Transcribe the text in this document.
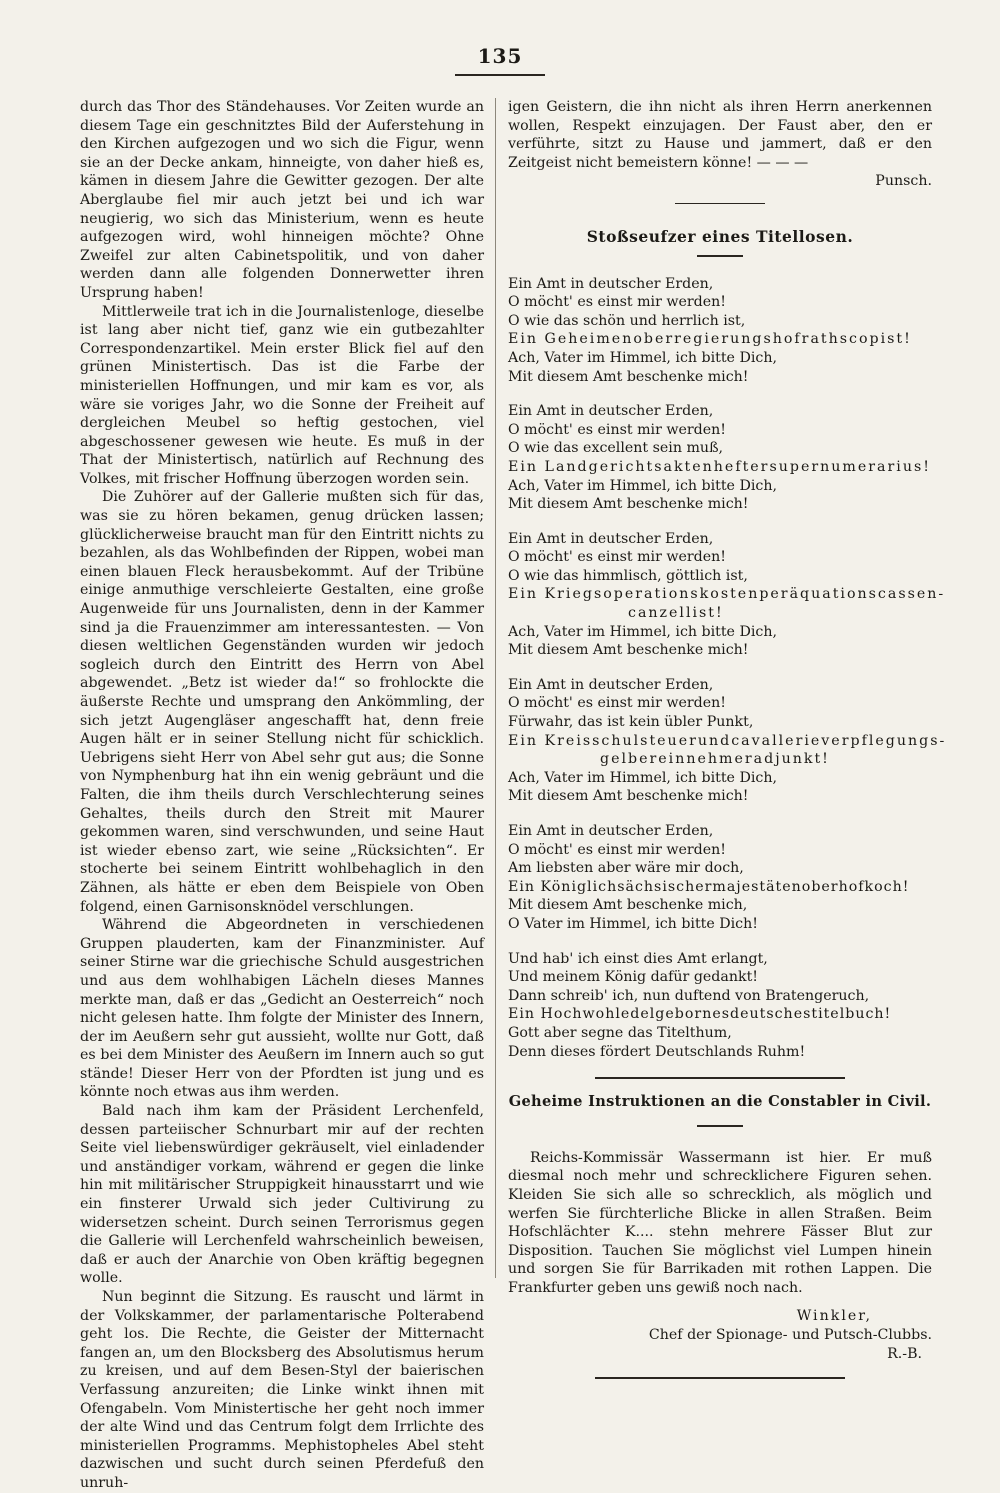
135

durch das Thor des Ständehauses. Vor Zeiten wurde an diesem Tage ein geschnitztes Bild der Auferstehung in den Kirchen aufgezogen und wo sich die Figur, wenn sie an der Decke ankam, hinneigte, von daher hieß es, kämen in diesem Jahre die Gewitter gezogen. Der alte Aberglaube fiel mir auch jetzt bei und ich war neugierig, wo sich das Ministerium, wenn es heute aufgezogen wird, wohl hinneigen möchte? Ohne Zweifel zur alten Cabinetspolitik, und von daher werden dann alle folgenden Donnerwetter ihren Ursprung haben!

Mittlerweile trat ich in die Journalistenloge, dieselbe ist lang aber nicht tief, ganz wie ein gutbezahlter Correspondenzartikel. Mein erster Blick fiel auf den grünen Ministertisch. Das ist die Farbe der ministeriellen Hoffnungen, und mir kam es vor, als wäre sie voriges Jahr, wo die Sonne der Freiheit auf dergleichen Meubel so heftig gestochen, viel abgeschossener gewesen wie heute. Es muß in der That der Ministertisch, natürlich auf Rechnung des Volkes, mit frischer Hoffnung überzogen worden sein.

Die Zuhörer auf der Gallerie mußten sich für das, was sie zu hören bekamen, genug drücken lassen; glücklicherweise braucht man für den Eintritt nichts zu bezahlen, als das Wohlbefinden der Rippen, wobei man einen blauen Fleck herausbekommt. Auf der Tribüne einige anmuthige verschleierte Gestalten, eine große Augenweide für uns Journalisten, denn in der Kammer sind ja die Frauenzimmer am interessantesten. — Von diesen weltlichen Gegenständen wurden wir jedoch sogleich durch den Eintritt des Herrn von Abel abgewendet. „Betz ist wieder da!“ so frohlockte die äußerste Rechte und umsprang den Ankömmling, der sich jetzt Augengläser angeschafft hat, denn freie Augen hält er in seiner Stellung nicht für schicklich. Uebrigens sieht Herr von Abel sehr gut aus; die Sonne von Nymphenburg hat ihn ein wenig gebräunt und die Falten, die ihm theils durch Verschlechterung seines Gehaltes, theils durch den Streit mit Maurer gekommen waren, sind verschwunden, und seine Haut ist wieder ebenso zart, wie seine „Rücksichten“. Er stocherte bei seinem Eintritt wohlbehaglich in den Zähnen, als hätte er eben dem Beispiele von Oben folgend, einen Garnisonsknödel verschlungen.

Während die Abgeordneten in verschiedenen Gruppen plauderten, kam der Finanzminister. Auf seiner Stirne war die griechische Schuld ausgestrichen und aus dem wohlhabigen Lächeln dieses Mannes merkte man, daß er das „Gedicht an Oesterreich“ noch nicht gelesen hatte. Ihm folgte der Minister des Innern, der im Aeußern sehr gut aussieht, wollte nur Gott, daß es bei dem Minister des Aeußern im Innern auch so gut stände! Dieser Herr von der Pfordten ist jung und es könnte noch etwas aus ihm werden.

Bald nach ihm kam der Präsident Lerchenfeld, dessen parteiischer Schnurbart mir auf der rechten Seite viel liebenswürdiger gekräuselt, viel einladender und anständiger vorkam, während er gegen die linke hin mit militärischer Struppigkeit hinausstarrt und wie ein finsterer Urwald sich jeder Cultivirung zu widersetzen scheint. Durch seinen Terrorismus gegen die Gallerie will Lerchenfeld wahrscheinlich beweisen, daß er auch der Anarchie von Oben kräftig begegnen wolle.

Nun beginnt die Sitzung. Es rauscht und lärmt in der Volkskammer, der parlamentarische Polterabend geht los. Die Rechte, die Geister der Mitternacht fangen an, um den Blocksberg des Absolutismus herum zu kreisen, und auf dem Besen-Styl der baierischen Verfassung anzureiten; die Linke winkt ihnen mit Ofengabeln. Vom Ministertische her geht noch immer der alte Wind und das Centrum folgt dem Irrlichte des ministeriellen Programms. Mephistopheles Abel steht dazwischen und sucht durch seinen Pferdefuß den unruh-

igen Geistern, die ihn nicht als ihren Herrn anerkennen wollen, Respekt einzujagen. Der Faust aber, den er verführte, sitzt zu Hause und jammert, daß er den Zeitgeist nicht bemeistern könne! — — —

Punsch.

Stoßseufzer eines Titellosen.

Ein Amt in deutscher Erden,

O möcht' es einst mir werden!

O wie das schön und herrlich ist,

Ein Geheimenoberregierungshofrathscopist!

Ach, Vater im Himmel, ich bitte Dich,

Mit diesem Amt beschenke mich!

Ein Amt in deutscher Erden,

O möcht' es einst mir werden!

O wie das excellent sein muß,

Ein Landgerichtsaktenheftersupernumerarius!

Ach, Vater im Himmel, ich bitte Dich,

Mit diesem Amt beschenke mich!

Ein Amt in deutscher Erden,

O möcht' es einst mir werden!

O wie das himmlisch, göttlich ist,

Ein Kriegsoperationskostenperäquationscassen-

canzellist!

Ach, Vater im Himmel, ich bitte Dich,

Mit diesem Amt beschenke mich!

Ein Amt in deutscher Erden,

O möcht' es einst mir werden!

Fürwahr, das ist kein übler Punkt,

Ein Kreisschulsteuerundcavallerieverpflegungs-

gelbereinnehmeradjunkt!

Ach, Vater im Himmel, ich bitte Dich,

Mit diesem Amt beschenke mich!

Ein Amt in deutscher Erden,

O möcht' es einst mir werden!

Am liebsten aber wäre mir doch,

Ein Königlichsächsischermajestätenoberhofkoch!

Mit diesem Amt beschenke mich,

O Vater im Himmel, ich bitte Dich!

Und hab' ich einst dies Amt erlangt,

Und meinem König dafür gedankt!

Dann schreib' ich, nun duftend von Bratengeruch,

Ein Hochwohledelgebornesdeutschestitelbuch!

Gott aber segne das Titelthum,

Denn dieses fördert Deutschlands Ruhm!

Geheime Instruktionen an die Constabler in Civil.

Reichs-Kommissär Wassermann ist hier. Er muß diesmal noch mehr und schrecklichere Figuren sehen. Kleiden Sie sich alle so schrecklich, als möglich und werfen Sie fürchterliche Blicke in allen Straßen. Beim Hofschlächter K.... stehn mehrere Fässer Blut zur Disposition. Tauchen Sie möglichst viel Lumpen hinein und sorgen Sie für Barrikaden mit rothen Lappen. Die Frankfurter geben uns gewiß noch nach.

Winkler,

Chef der Spionage- und Putsch-Clubbs.

R.-B.
